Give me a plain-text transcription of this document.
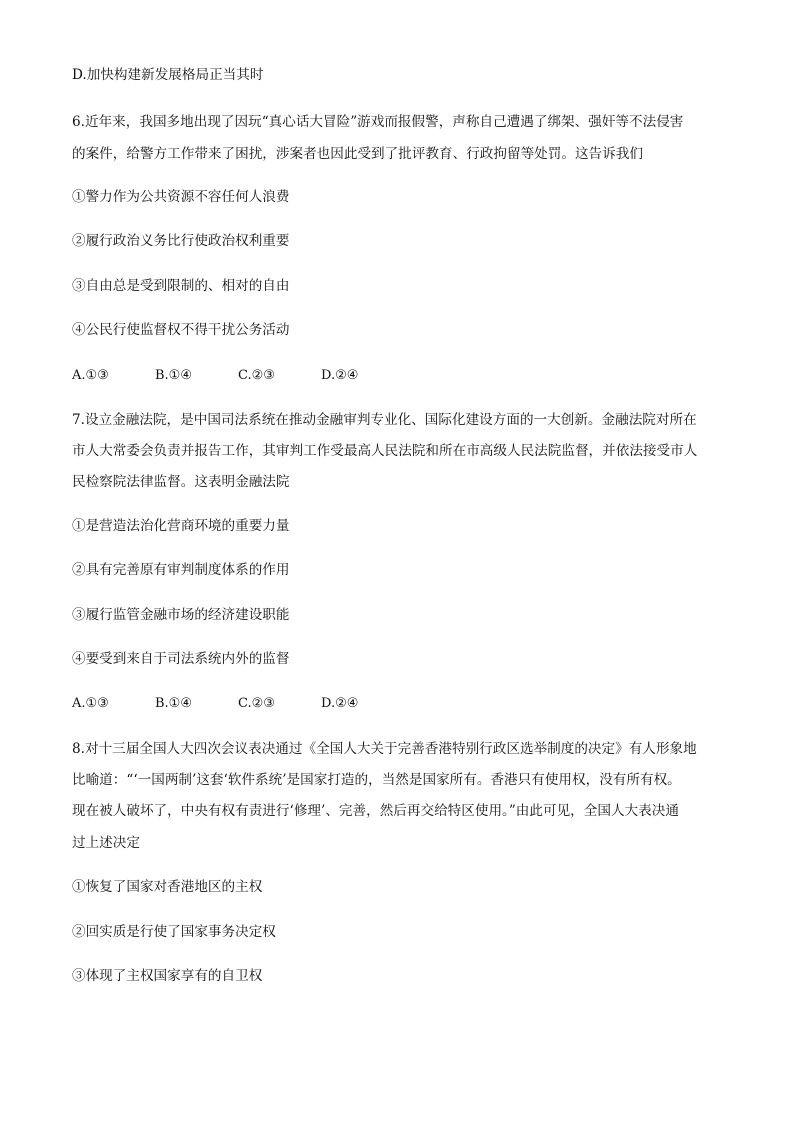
D.加快构建新发展格局正当其时
6.近年来，我国多地出现了因玩“真心话大冒险”游戏而报假警，声称自己遭遇了绑架、强奸等不法侵害
的案件，给警方工作带来了困扰，涉案者也因此受到了批评教育、行政拘留等处罚。这告诉我们
①警力作为公共资源不容任何人浪费
②履行政治义务比行使政治权利重要
③自由总是受到限制的、相对的自由
④公民行使监督权不得干扰公务活动
A.①③	B.①④	C.②③	D.②④
7.设立金融法院，是中国司法系统在推动金融审判专业化、国际化建设方面的一大创新。金融法院对所在
市人大常委会负责并报告工作，其审判工作受最高人民法院和所在市高级人民法院监督，并依法接受市人
民检察院法律监督。这表明金融法院
①是营造法治化营商环境的重要力量
②具有完善原有审判制度体系的作用
③履行监管金融市场的经济建设职能
④要受到来自于司法系统内外的监督
A.①③	B.①④	C.②③	D.②④
8.对十三届全国人大四次会议表决通过《全国人大关于完善香港特别行政区选举制度的决定》有人形象地
比喻道：“‘一国两制’这套‘软件系统’是国家打造的，当然是国家所有。香港只有使用权，没有所有权。
现在被人破坏了，中央有权有责进行‘修理’、完善，然后再交给特区使用。”由此可见，全国人大表决通
过上述决定
①恢复了国家对香港地区的主权
②回实质是行使了国家事务决定权
③体现了主权国家享有的自卫权
